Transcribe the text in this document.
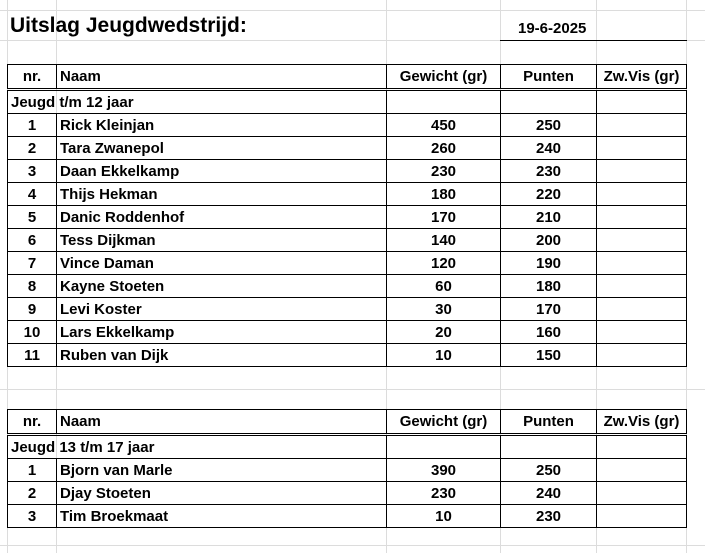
Uitslag Jeugdwedstrijd:	19-6-2025
nr.	Naam	Gewicht (gr)	Punten	Zw.Vis (gr)
Jeugd t/m 12 jaar				
1	Rick Kleinjan	450	250	
2	Tara Zwanepol	260	240	
3	Daan Ekkelkamp	230	230	
4	Thijs Hekman	180	220	
5	Danic Roddenhof	170	210	
6	Tess Dijkman	140	200	
7	Vince Daman	120	190	
8	Kayne Stoeten	60	180	
9	Levi Koster	30	170	
10	Lars Ekkelkamp	20	160	
11	Ruben van Dijk	10	150	
nr.	Naam	Gewicht (gr)	Punten	Zw.Vis (gr)
Jeugd 13 t/m 17 jaar				
1	Bjorn van Marle	390	250	
2	Djay Stoeten	230	240	
3	Tim Broekmaat	10	230	
